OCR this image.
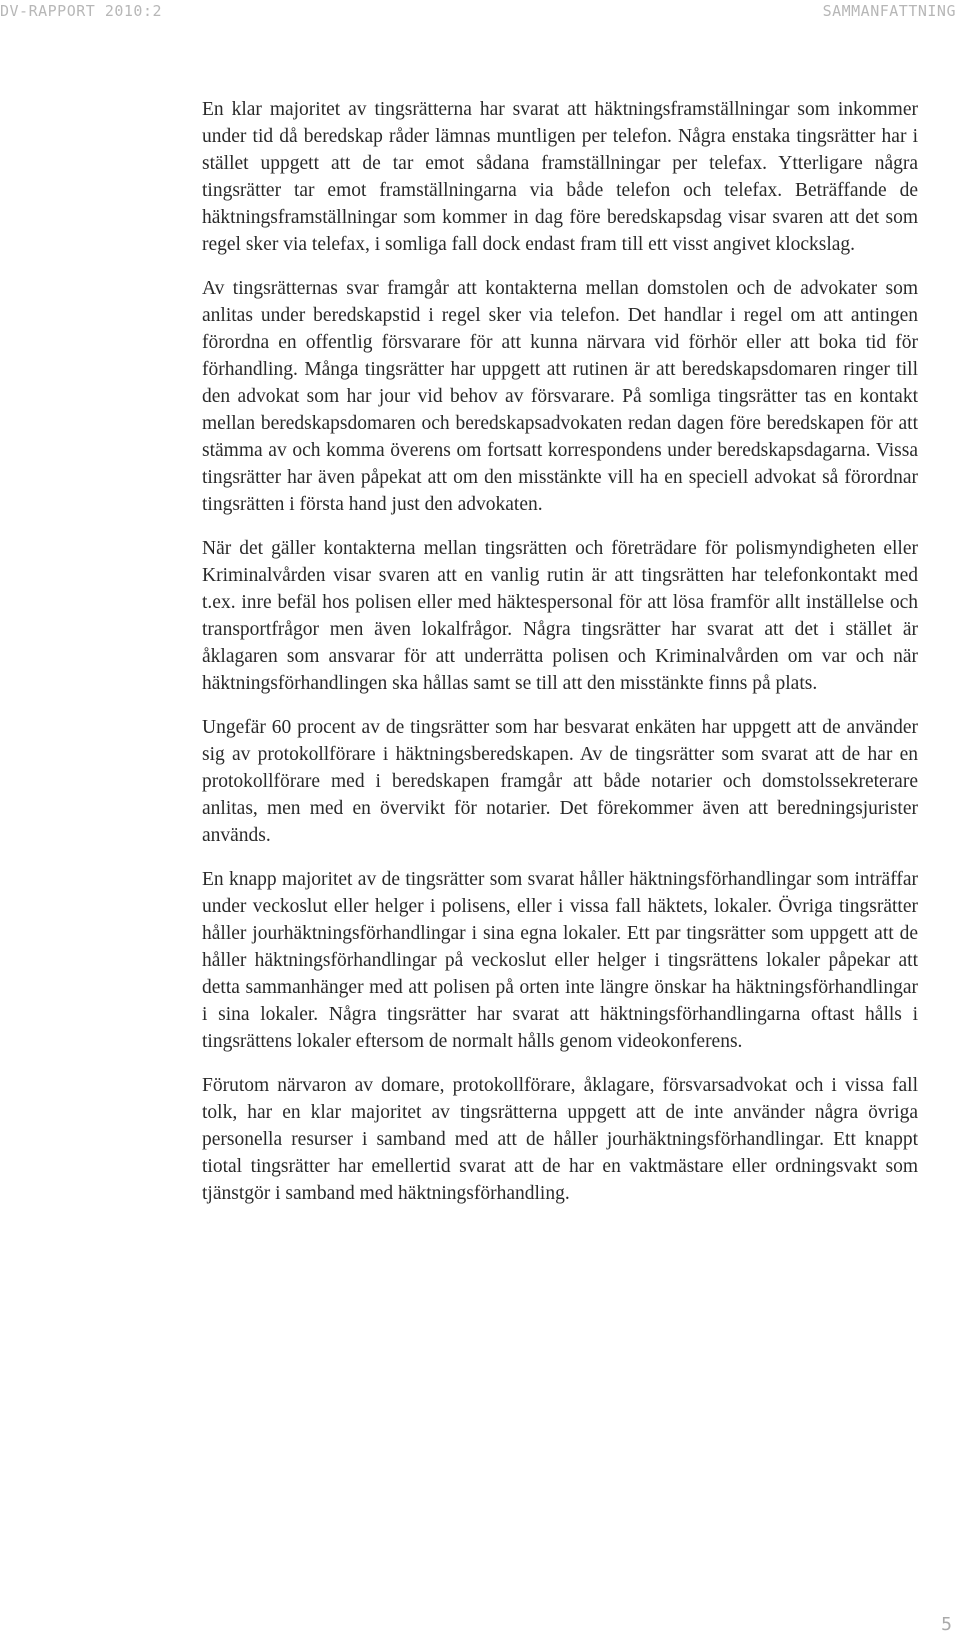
DV-RAPPORT 2010:2	SAMMANFATTNING

En klar majoritet av tingsrätterna har svarat att häktningsframställningar som inkommer under tid då beredskap råder lämnas muntligen per telefon. Några enstaka tingsrätter har i stället uppgett att de tar emot sådana framställningar per telefax. Ytterligare några tingsrätter tar emot framställningarna via både telefon och telefax. Beträffande de häktningsframställningar som kommer in dag före beredskapsdag visar svaren att det som regel sker via telefax, i somliga fall dock endast fram till ett visst angivet klockslag.

Av tingsrätternas svar framgår att kontakterna mellan domstolen och de advokater som anlitas under beredskapstid i regel sker via telefon. Det handlar i regel om att antingen förordna en offentlig försvarare för att kunna närvara vid förhör eller att boka tid för förhandling. Många tingsrätter har uppgett att rutinen är att beredskapsdomaren ringer till den advokat som har jour vid behov av försvarare. På somliga tingsrätter tas en kontakt mellan beredskapsdomaren och beredskapsadvokaten redan dagen före beredskapen för att stämma av och komma överens om fortsatt korrespondens under beredskapsdagarna. Vissa tingsrätter har även påpekat att om den misstänkte vill ha en speciell advokat så förordnar tingsrätten i första hand just den advokaten.

När det gäller kontakterna mellan tingsrätten och företrädare för polismyndigheten eller Kriminalvården visar svaren att en vanlig rutin är att tingsrätten har telefonkontakt med t.ex. inre befäl hos polisen eller med häktespersonal för att lösa framför allt inställelse och transportfrågor men även lokalfrågor. Några tingsrätter har svarat att det i stället är åklagaren som ansvarar för att underrätta polisen och Kriminalvården om var och när häktningsförhandlingen ska hållas samt se till att den misstänkte finns på plats.

Ungefär 60 procent av de tingsrätter som har besvarat enkäten har uppgett att de använder sig av protokollförare i häktningsberedskapen. Av de tingsrätter som svarat att de har en protokollförare med i beredskapen framgår att både notarier och domstolssekreterare anlitas, men med en övervikt för notarier. Det förekommer även att beredningsjurister används.

En knapp majoritet av de tingsrätter som svarat håller häktningsförhandlingar som inträffar under veckoslut eller helger i polisens, eller i vissa fall häktets, lokaler. Övriga tingsrätter håller jourhäktningsförhandlingar i sina egna lokaler. Ett par tingsrätter som uppgett att de håller häktningsförhandlingar på veckoslut eller helger i tingsrättens lokaler påpekar att detta sammanhänger med att polisen på orten inte längre önskar ha häktningsförhandlingar i sina lokaler. Några tingsrätter har svarat att häktningsförhandlingarna oftast hålls i tingsrättens lokaler eftersom de normalt hålls genom videokonferens.

Förutom närvaron av domare, protokollförare, åklagare, försvarsadvokat och i vissa fall tolk, har en klar majoritet av tingsrätterna uppgett att de inte använder några övriga personella resurser i samband med att de håller jourhäktningsförhandlingar. Ett knappt tiotal tingsrätter har emellertid svarat att de har en vaktmästare eller ordningsvakt som tjänstgör i samband med häktningsförhandling.

5
